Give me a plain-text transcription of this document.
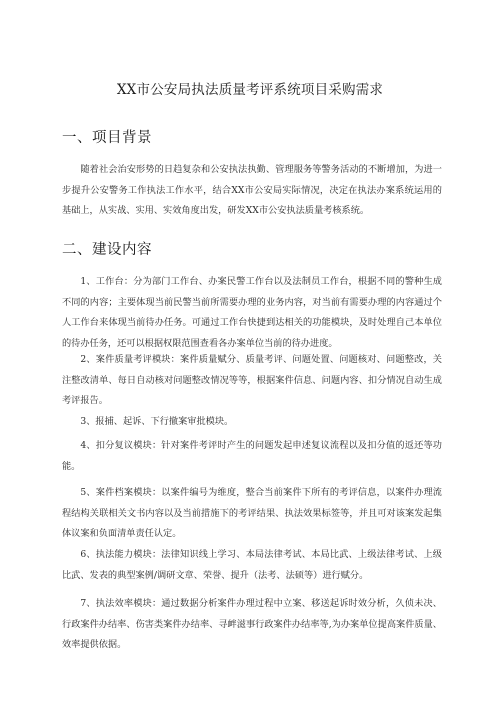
XX市公安局执法质量考评系统项目采购需求
一、项目背景

随着社会治安形势的日趋复杂和公安执法执勤、管理服务等警务活动的不断增加，为进一步提升公安警务工作执法工作水平，结合XX市公安局实际情况，决定在执法办案系统运用的基础上，从实战、实用、实效角度出发，研发XX市公安执法质量考核系统。

二、建设内容

1、工作台：分为部门工作台、办案民警工作台以及法制员工作台，根据不同的警种生成不同的内容；主要体现当前民警当前所需要办理的业务内容，对当前有需要办理的内容通过个人工作台来体现当前待办任务。可通过工作台快捷到达相关的功能模块，及时处理自己本单位的待办任务，还可以根据权限范围查看各办案单位当前的待办进度。

2、案件质量考评模块：案件质量赋分、质量考评、问题处置、问题核对、问题整改，关注整改清单、每日自动核对问题整改情况等等，根据案件信息、问题内容、扣分情况自动生成考评报告。

3、报捕、起诉、下行撤案审批模块。

4、扣分复议模块：针对案件考评时产生的问题发起申述复议流程以及扣分值的返还等功能。

5、案件档案模块：以案件编号为维度，整合当前案件下所有的考评信息，以案件办理流程结构关联相关文书内容以及当前措施下的考评结果、执法效果标签等，并且可对该案发起集体议案和负面清单责任认定。

6、执法能力模块：法律知识线上学习、本局法律考试、本局比武、上级法律考试、上级比武、发表的典型案例/调研文章、荣誉、提升（法考、法硕等）进行赋分。

7、执法效率模块：通过数据分析案件办理过程中立案、移送起诉时效分析，久侦未决、行政案件办结率、伤害类案件办结率、寻衅滋事行政案件办结率等,为办案单位提高案件质量、效率提供依据。
